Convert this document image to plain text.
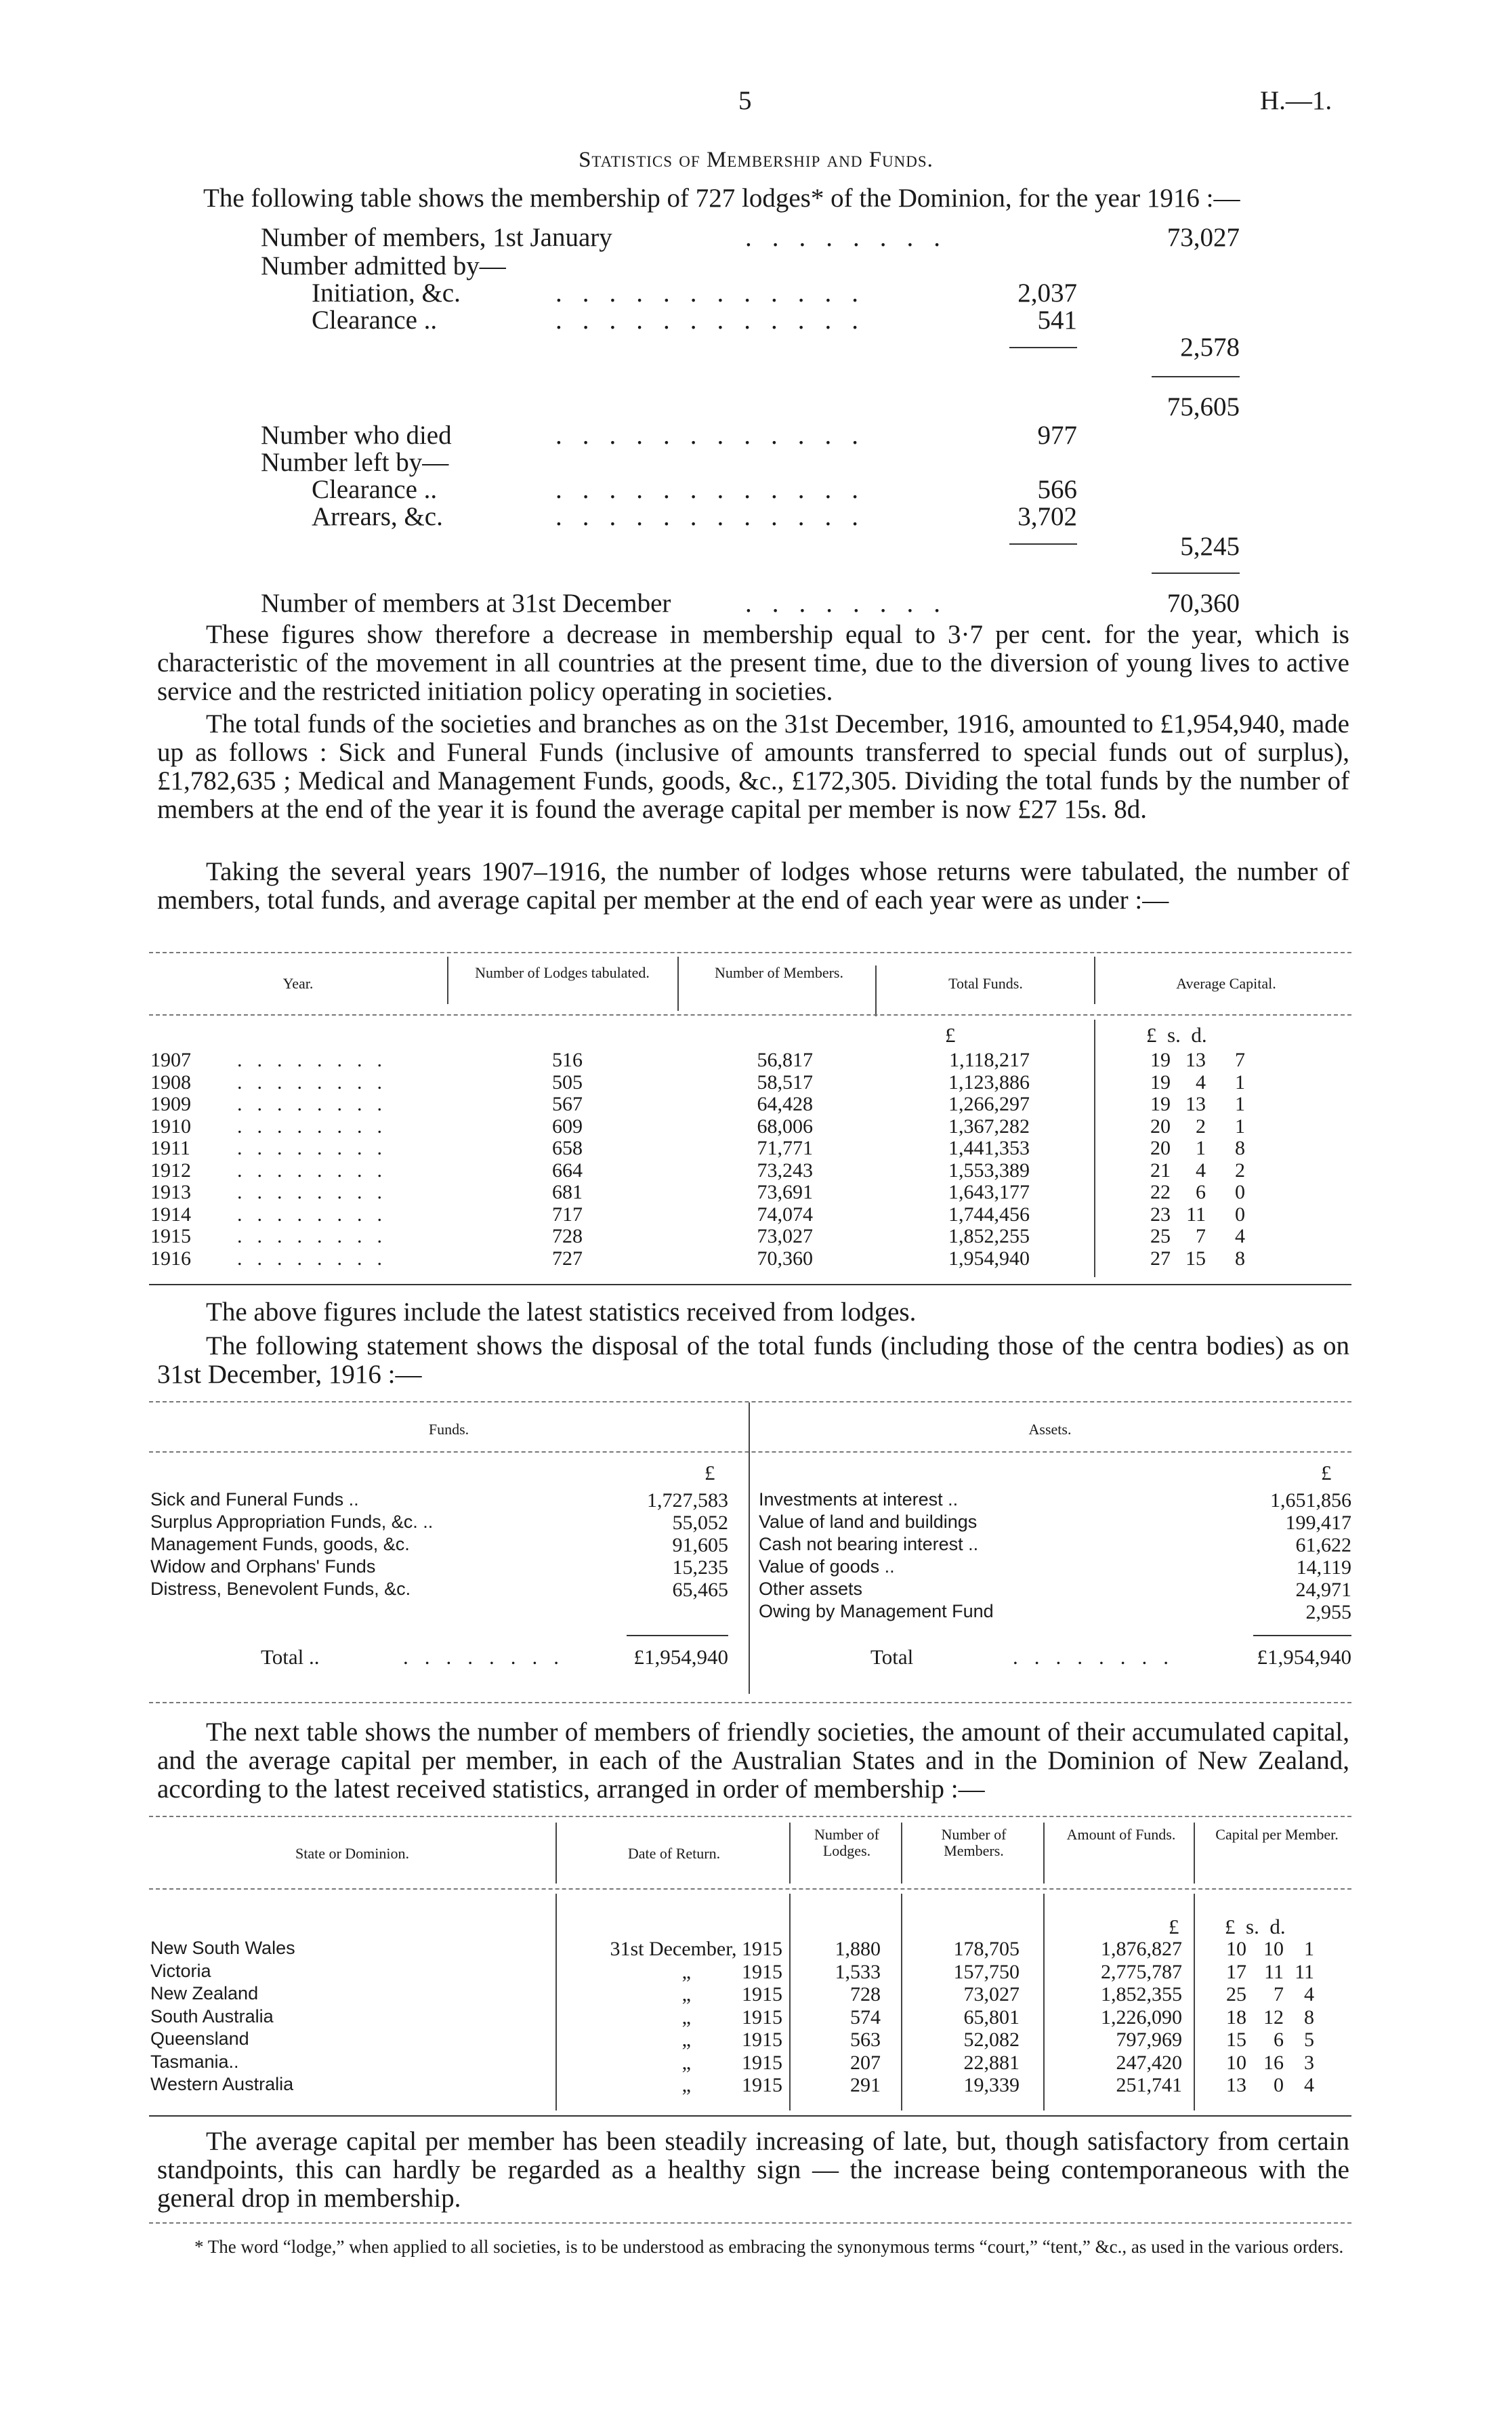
5	H.—1.
Statistics of Membership and Funds.
The following table shows the membership of 727 lodges* of the Dominion, for the year 1916 :—
Number of members, 1st January	........	73,027
Number admitted by—
Initiation, &c.	............	2,037
Clearance ..	............	541
2,578
75,605
Number who died	............	977
Number left by—
Clearance ..	............	566
Arrears, &c.	............	3,702
5,245
Number of members at 31st December	........	70,360
These figures show therefore a decrease in membership equal to 3·7 per cent. for the year, which is characteristic of the movement in all countries at the present time, due to the diversion of young lives to active service and the restricted initiation policy operating in societies.
The total funds of the societies and branches as on the 31st December, 1916, amounted to £1,954,940, made up as follows : Sick and Funeral Funds (inclusive of amounts transferred to special funds out of surplus), £1,782,635 ; Medical and Management Funds, goods, &c., £172,305. Dividing the total funds by the number of members at the end of the year it is found the average capital per member is now £27 15s. 8d.
Taking the several years 1907–1916, the number of lodges whose returns were tabulated, the number of members, total funds, and average capital per member at the end of each year were as under :—
Year.
Number of Lodges tabulated.	Number of Members.
Total Funds.	Average Capital.
£	£  s.  d.
1907 ........	516	56,817	1,118,217	19 13	7
1908 ........	505	58,517	1,123,886	19	4	1
1909 ........	567	64,428	1,266,297	19 13	1
1910 ........	609	68,006	1,367,282	20	2	1
1911 ........	658	71,771	1,441,353	20	1	8
1912 ........	664	73,243	1,553,389	21	4	2
1913 ........	681	73,691	1,643,177	22	6	0
1914 ........	717	74,074	1,744,456	23 11	0
1915 ........	728	73,027	1,852,255	25	7	4
1916 ........	727	70,360	1,954,940	27 15	8
The above figures include the latest statistics received from lodges.
The following statement shows the disposal of the total funds (including those of the centra bodies) as on 31st December, 1916 :—
Funds.	Assets.
£	£
Sick and Funeral Funds ..	1,727,583
Surplus Appropriation Funds, &c. ..	55,052
Management Funds, goods, &c.	91,605
Widow and Orphans' Funds	15,235
Distress, Benevolent Funds, &c.	65,465
Investments at interest ..	1,651,856
Value of land and buildings	199,417
Cash not bearing interest ..	61,622
Value of goods ..	14,119
Other assets	24,971
Owing by Management Fund	2,955
Total ..	........	£1,954,940	Total	........	£1,954,940
The next table shows the number of members of friendly societies, the amount of their accumulated capital, and the average capital per member, in each of the Australian States and in the Dominion of New Zealand, according to the latest received statistics, arranged in order of membership :—
State or Dominion.	Date of Return.
Number of Lodges.
Number of Members.
Amount of Funds.	Capital per Member.
£ £  s.  d.
New South Wales	31st December, 1915	1,880	178,705	1,876,827	10 10	1
Victoria	„          1915	1,533	157,750	2,775,787	17 11 11
New Zealand	„          1915	728	73,027	1,852,355	25	7	4
South Australia	„          1915	574	65,801	1,226,090	18 12	8
Queensland	„          1915	563	52,082	797,969	15	6	5
Tasmania..	„          1915	207	22,881	247,420	10 16	3
Western Australia	„          1915	291	19,339	251,741	13	0	4
The average capital per member has been steadily increasing of late, but, though satisfactory from certain standpoints, this can hardly be regarded as a healthy sign — the increase being contemporaneous with the general drop in membership.
* The word “lodge,” when applied to all societies, is to be understood as embracing the synonymous terms “court,” “tent,” &c., as used in the various orders.
